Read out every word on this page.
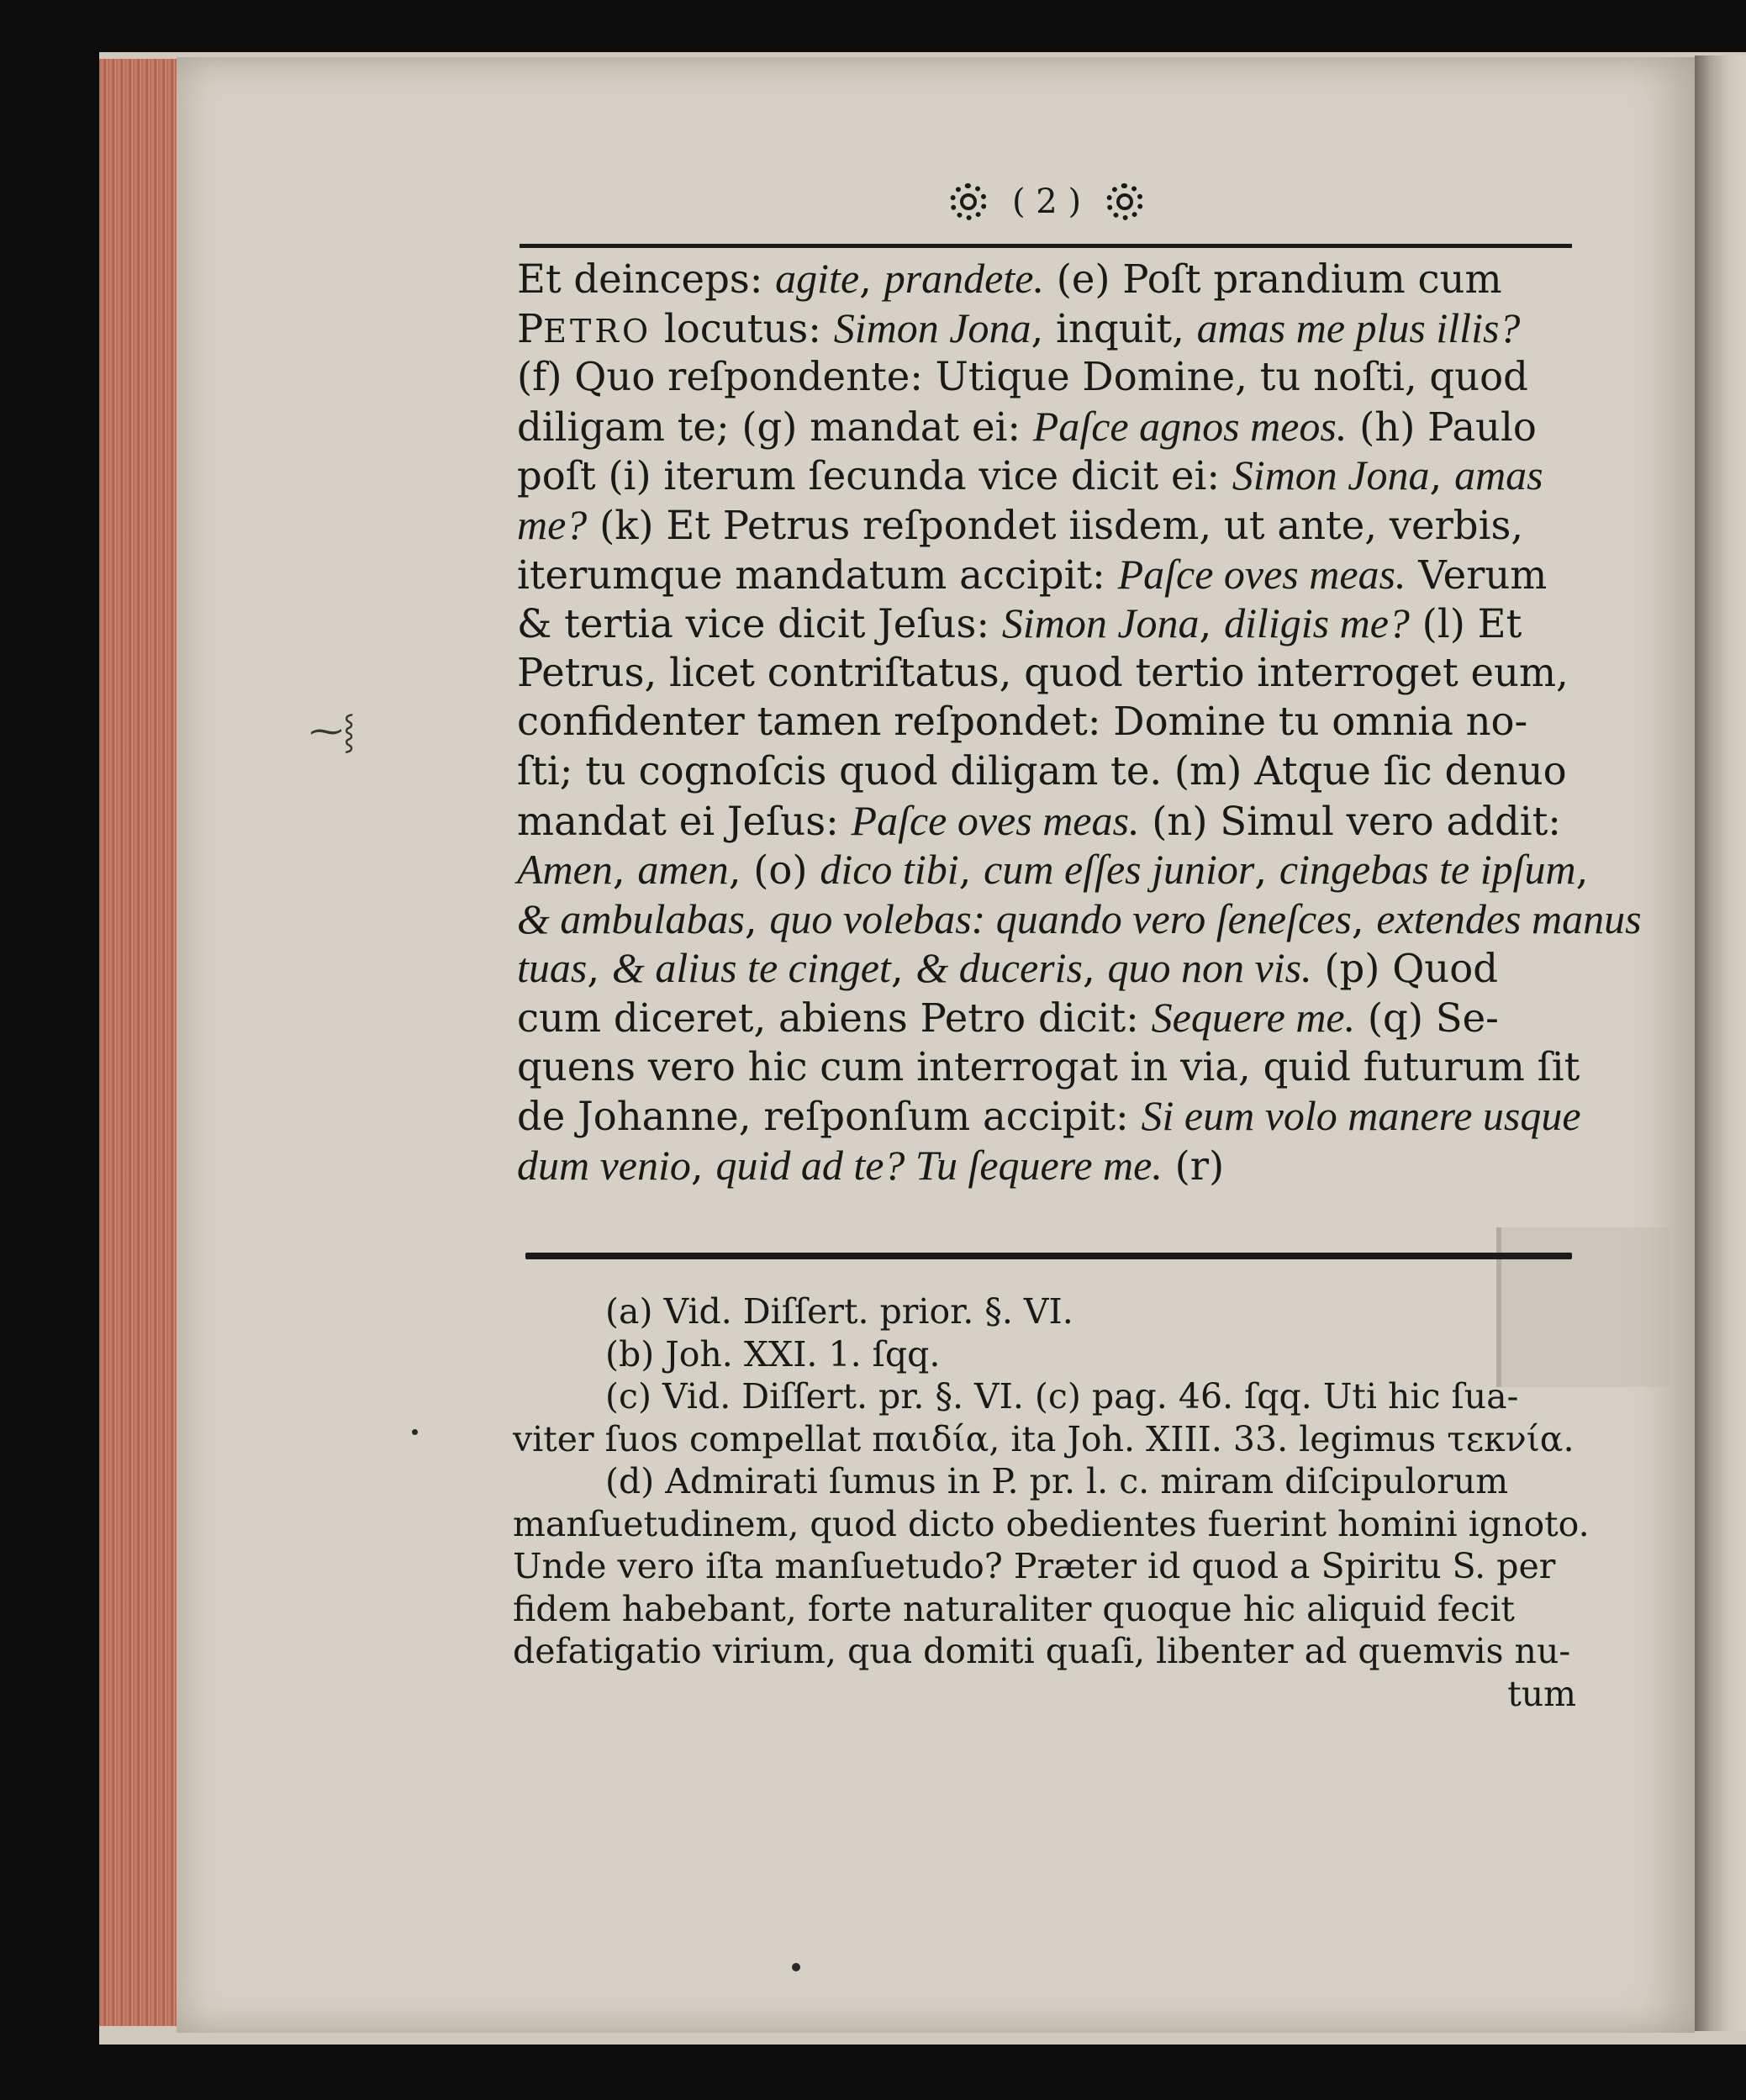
( 2 )
Et deinceps: agite, prandete. (e) Poſt prandium cum
PETRO locutus: Simon Jona, inquit, amas me plus illis?
(f) Quo reſpondente: Utique Domine, tu noſti, quod
diligam te; (g) mandat ei: Paſce agnos meos. (h) Paulo
poſt (i) iterum ſecunda vice dicit ei: Simon Jona, amas
me? (k) Et Petrus reſpondet iisdem, ut ante, verbis,
iterumque mandatum accipit: Paſce oves meas. Verum
& tertia vice dicit Jeſus: Simon Jona, diligis me? (l) Et
Petrus, licet contriſtatus, quod tertio interroget eum,
confidenter tamen reſpondet: Domine tu omnia no-
ſti; tu cognoſcis quod diligam te. (m) Atque ſic denuo
mandat ei Jeſus: Paſce oves meas. (n) Simul vero addit:
Amen, amen, (o) dico tibi, cum eſſes junior, cingebas te ipſum
& ambulabas, quo volebas: quando vero ſeneſces, extendes manus
tuas, & alius te cinget, & duceris, quo non vis. (p) Quod
cum diceret, abiens Petro dicit: Sequere me. (q) Se-
quens vero hic cum interrogat in via, quid futurum ſit
de Johanne, reſponſum accipit: Si eum volo manere usque
dum venio, quid ad te? Tu ſequere me. (r)
(a) Vid. Diſſert. prior. §. VI.
(b) Joh. XXI. 1. ſqq.
(c) Vid. Diſſert. pr. §. VI. (c) pag. 46. ſqq. Uti hic ſua-
viter ſuos compellat παιδία, ita Joh. XIII. 33. legimus τεκνία.
(d) Admirati ſumus in P. pr. l. c. miram diſcipulorum
manſuetudinem, quod dicto obedientes fuerint homini ignoto.
Unde vero iſta manſuetudo? Præter id quod a Spiritu S. per
fidem habebant, forte naturaliter quoque hic aliquid fecit
defatigatio virium, qua domiti quaſi, libenter ad quemvis nu-
tum
⁓⸾
